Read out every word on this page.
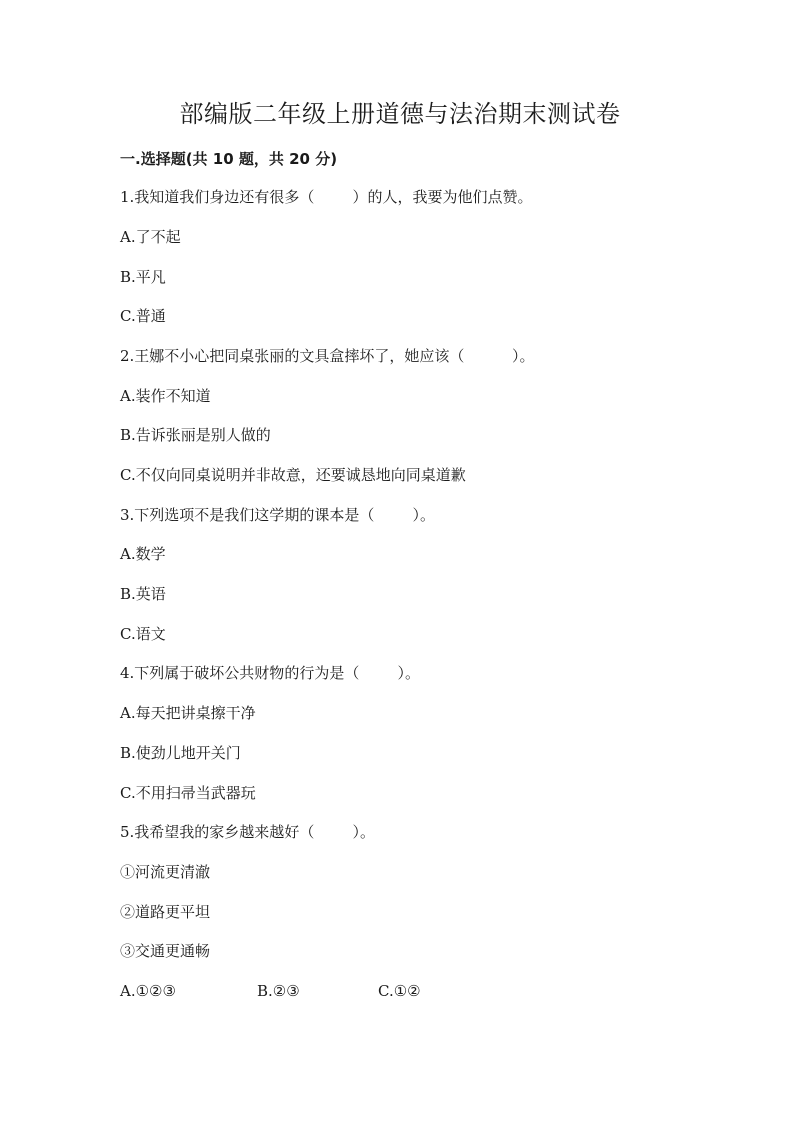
部编版二年级上册道德与法治期末测试卷
一.选择题(共 10 题，共 20 分)
1.我知道我们身边还有很多（        ）的人，我要为他们点赞。
A.了不起
B.平凡
C.普通
2.王娜不小心把同桌张丽的文具盒摔坏了，她应该（          ）。
A.装作不知道
B.告诉张丽是别人做的
C.不仅向同桌说明并非故意，还要诚恳地向同桌道歉
3.下列选项不是我们这学期的课本是（        ）。
A.数学
B.英语
C.语文
4.下列属于破坏公共财物的行为是（        ）。
A.每天把讲桌擦干净
B.使劲儿地开关门
C.不用扫帚当武器玩
5.我希望我的家乡越来越好（        ）。
①河流更清澈
②道路更平坦
③交通更通畅
A.①②③	B.②③	C.①②
